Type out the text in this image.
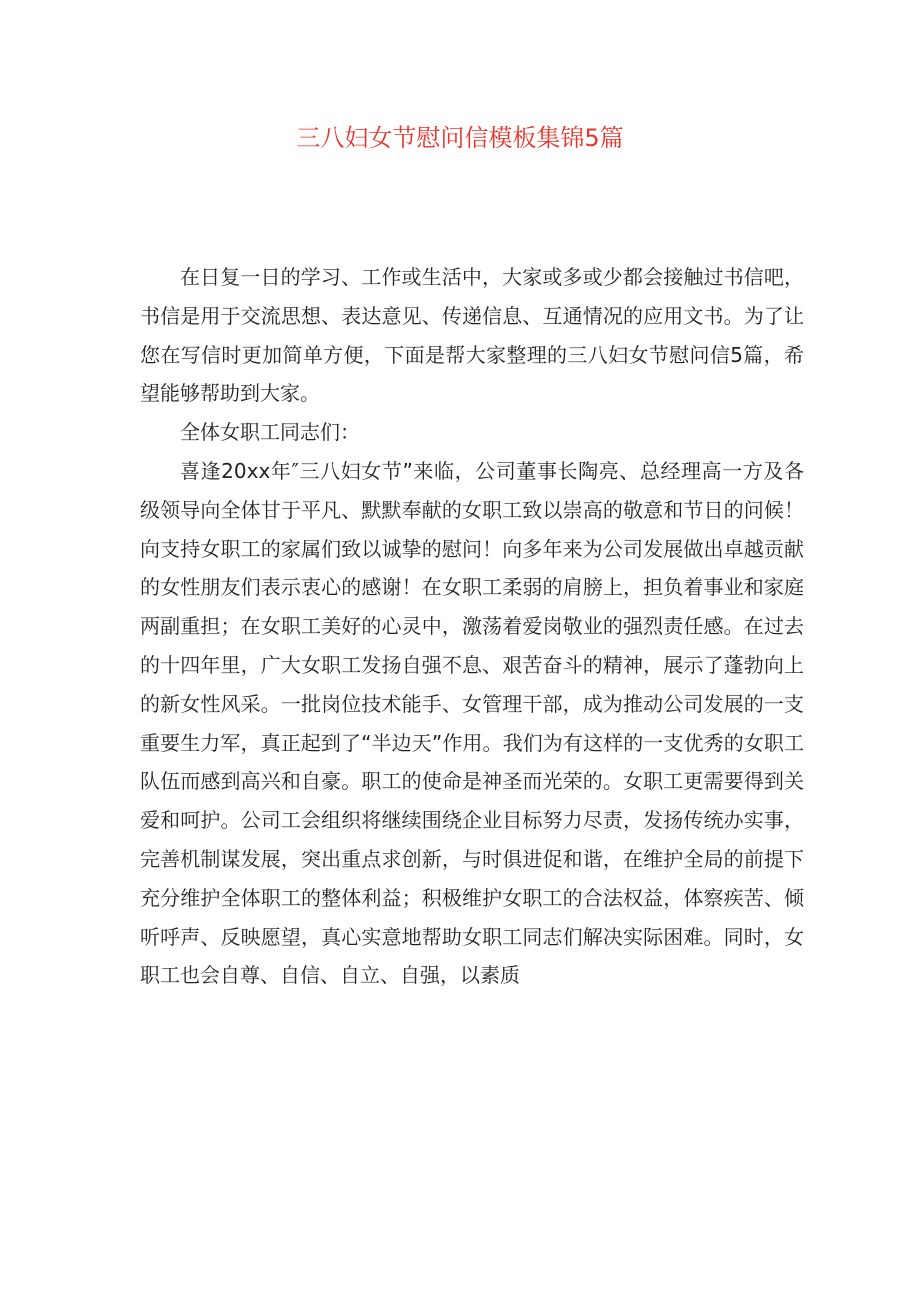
三八妇女节慰问信模板集锦5篇

在日复一日的学习、工作或生活中，大家或多或少都会接触过书信吧，书信是用于交流思想、表达意见、传递信息、互通情况的应用文书。为了让您在写信时更加简单方便，下面是帮大家整理的三八妇女节慰问信5篇，希望能够帮助到大家。

全体女职工同志们：

喜逢20xx年″三八妇女节”来临，公司董事长陶亮、总经理高一方及各级领导向全体甘于平凡、默默奉献的女职工致以崇高的敬意和节日的问候！向支持女职工的家属们致以诚挚的慰问！向多年来为公司发展做出卓越贡献的女性朋友们表示衷心的感谢！在女职工柔弱的肩膀上，担负着事业和家庭两副重担；在女职工美好的心灵中，激荡着爱岗敬业的强烈责任感。在过去的十四年里，广大女职工发扬自强不息、艰苦奋斗的精神，展示了蓬勃向上的新女性风采。一批岗位技术能手、女管理干部，成为推动公司发展的一支重要生力军，真正起到了“半边天”作用。我们为有这样的一支优秀的女职工队伍而感到高兴和自豪。职工的使命是神圣而光荣的。女职工更需要得到关爱和呵护。公司工会组织将继续围绕企业目标努力尽责，发扬传统办实事，完善机制谋发展，突出重点求创新，与时俱进促和谐，在维护全局的前提下充分维护全体职工的整体利益；积极维护女职工的合法权益，体察疾苦、倾听呼声、反映愿望，真心实意地帮助女职工同志们解决实际困难。同时，女职工也会自尊、自信、自立、自强，以素质
